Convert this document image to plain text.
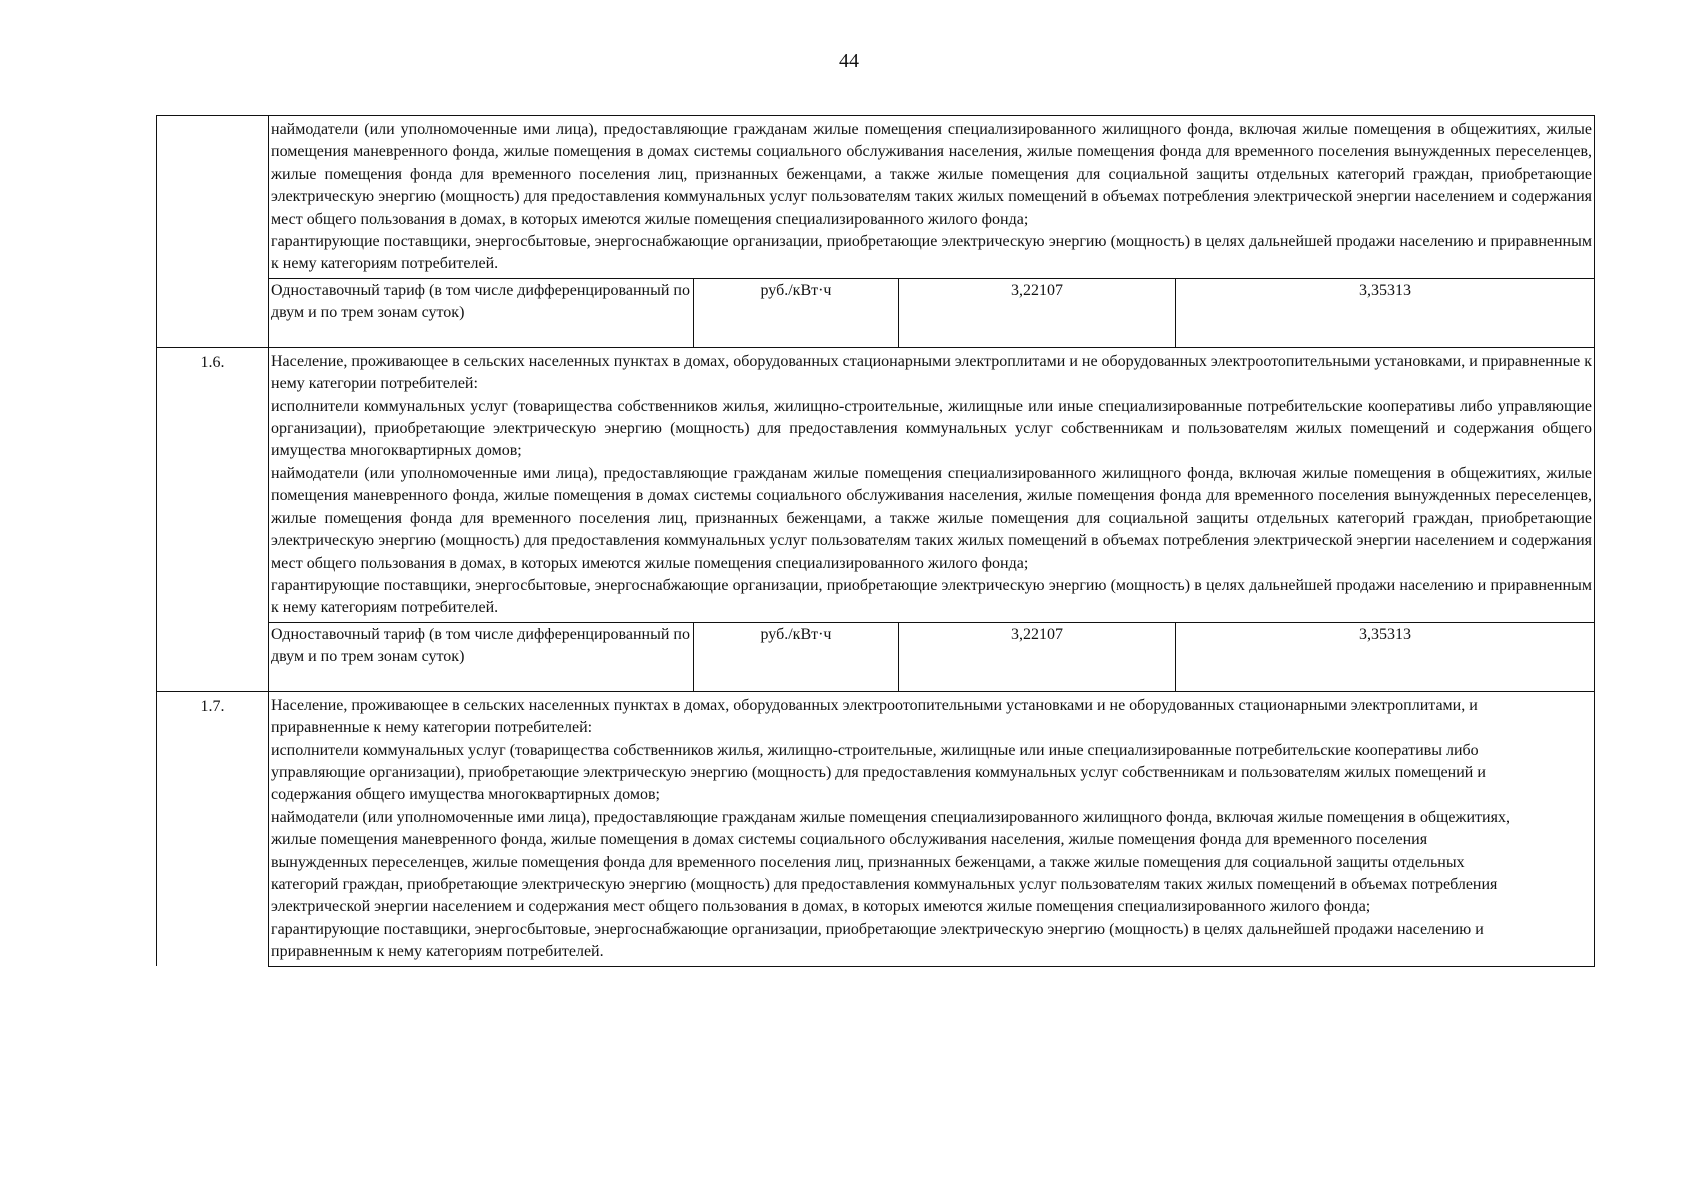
44

наймодатели (или уполномоченные ими лица), предоставляющие гражданам жилые помещения специализированного жилищного фонда, включая жилые помещения в общежитиях, жилые помещения маневренного фонда, жилые помещения в домах системы социального обслуживания населения, жилые помещения фонда для временного поселения вынужденных переселенцев, жилые помещения фонда для временного поселения лиц, признанных беженцами, а также жилые помещения для социальной защиты отдельных категорий граждан, приобретающие электрическую энергию (мощность) для предоставления коммунальных услуг пользователям таких жилых помещений в объемах потребления электрической энергии населением и содержания мест общего пользования в домах, в которых имеются жилые помещения специализированного жилого фонда;

гарантирующие поставщики, энергосбытовые, энергоснабжающие организации, приобретающие электрическую энергию (мощность) в целях дальнейшей продажи населению и приравненным к нему категориям потребителей.

Одноставочный тариф (в том числе дифференцированный по двум и по трем зонам суток)	руб./кВт·ч	3,22107	3,35313

1.6.	Население, проживающее в сельских населенных пунктах в домах, оборудованных стационарными электроплитами и не оборудованных электроотопительными установками, и приравненные к нему категории потребителей:

исполнители коммунальных услуг (товарищества собственников жилья, жилищно-строительные, жилищные или иные специализированные потребительские кооперативы либо управляющие организации), приобретающие электрическую энергию (мощность) для предоставления коммунальных услуг собственникам и пользователям жилых помещений и содержания общего имущества многоквартирных домов;

наймодатели (или уполномоченные ими лица), предоставляющие гражданам жилые помещения специализированного жилищного фонда, включая жилые помещения в общежитиях, жилые помещения маневренного фонда, жилые помещения в домах системы социального обслуживания населения, жилые помещения фонда для временного поселения вынужденных переселенцев, жилые помещения фонда для временного поселения лиц, признанных беженцами, а также жилые помещения для социальной защиты отдельных категорий граждан, приобретающие электрическую энергию (мощность) для предоставления коммунальных услуг пользователям таких жилых помещений в объемах потребления электрической энергии населением и содержания мест общего пользования в домах, в которых имеются жилые помещения специализированного жилого фонда;

гарантирующие поставщики, энергосбытовые, энергоснабжающие организации, приобретающие электрическую энергию (мощность) в целях дальнейшей продажи населению и приравненным к нему категориям потребителей.

Одноставочный тариф (в том числе дифференцированный по двум и по трем зонам суток)	руб./кВт·ч	3,22107	3,35313

1.7.	Население, проживающее в сельских населенных пунктах в домах, оборудованных электроотопительными установками и не оборудованных стационарными электроплитами, и приравненные к нему категории потребителей:

исполнители коммунальных услуг (товарищества собственников жилья, жилищно-строительные, жилищные или иные специализированные потребительские кооперативы либо управляющие организации), приобретающие электрическую энергию (мощность) для предоставления коммунальных услуг собственникам и пользователям жилых помещений и содержания общего имущества многоквартирных домов;

наймодатели (или уполномоченные ими лица), предоставляющие гражданам жилые помещения специализированного жилищного фонда, включая жилые помещения в общежитиях, жилые помещения маневренного фонда, жилые помещения в домах системы социального обслуживания населения, жилые помещения фонда для временного поселения вынужденных переселенцев, жилые помещения фонда для временного поселения лиц, признанных беженцами, а также жилые помещения для социальной защиты отдельных категорий граждан, приобретающие электрическую энергию (мощность) для предоставления коммунальных услуг пользователям таких жилых помещений в объемах потребления электрической энергии населением и содержания мест общего пользования в домах, в которых имеются жилые помещения специализированного жилого фонда;

гарантирующие поставщики, энергосбытовые, энергоснабжающие организации, приобретающие электрическую энергию (мощность) в целях дальнейшей продажи населению и приравненным к нему категориям потребителей.
